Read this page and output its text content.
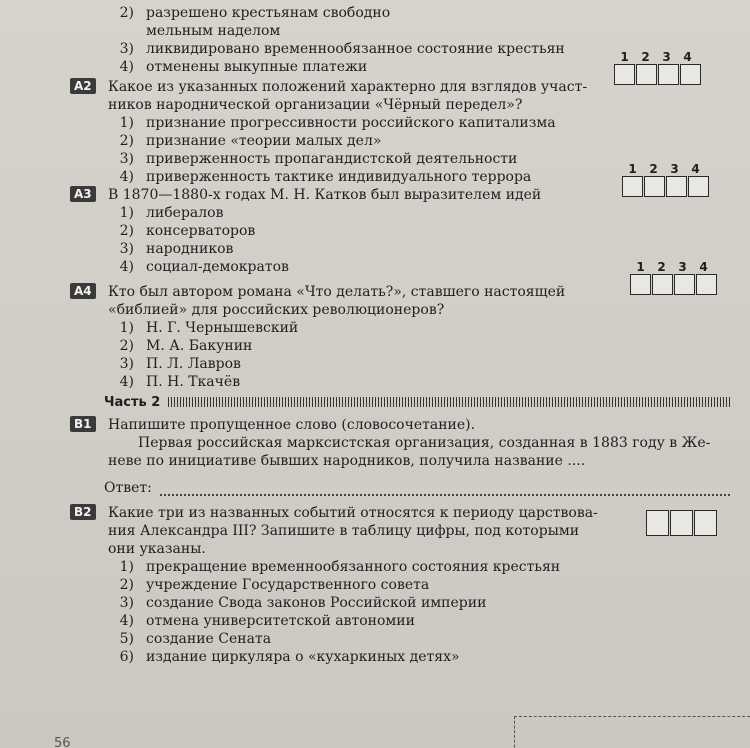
2) разрешено крестьянам свободно
мельным наделом
3) ликвидировано временнообязанное состояние крестьян
4) отменены выкупные платежи
А2 Какое из указанных положений характерно для взглядов участ-
ников народнической организации «Чёрный передел»?
1) признание прогрессивности российского капитализма
2) признание «теории малых дел»
3) приверженность пропагандистской деятельности
4) приверженность тактике индивидуального террора
1	2	3	4
А3 В 1870—1880-х годах М. Н. Катков был выразителем идей
1) либералов
2) консерваторов
3) народников
4) социал-демократов
1	2	3	4
А4 Кто был автором романа «Что делать?», ставшего настоящей
«библией» для российских революционеров?
1) Н. Г. Чернышевский
2) М. А. Бакунин
3) П. Л. Лавров
4) П. Н. Ткачёв
1	2	3	4
Часть 2
В1 Напишите пропущенное слово (словосочетание).
Первая российская марксистская организация, созданная в 1883 году в Же-
неве по инициативе бывших народников, получила название ....
Ответ:
В2 Какие три из названных событий относятся к периоду царствова-
ния Александра III? Запишите в таблицу цифры, под которыми
они указаны.
1) прекращение временнообязанного состояния крестьян
2) учреждение Государственного совета
3) создание Свода законов Российской империи
4) отмена университетской автономии
5) создание Сената
6) издание циркуляра о «кухаркиных детях»
56
